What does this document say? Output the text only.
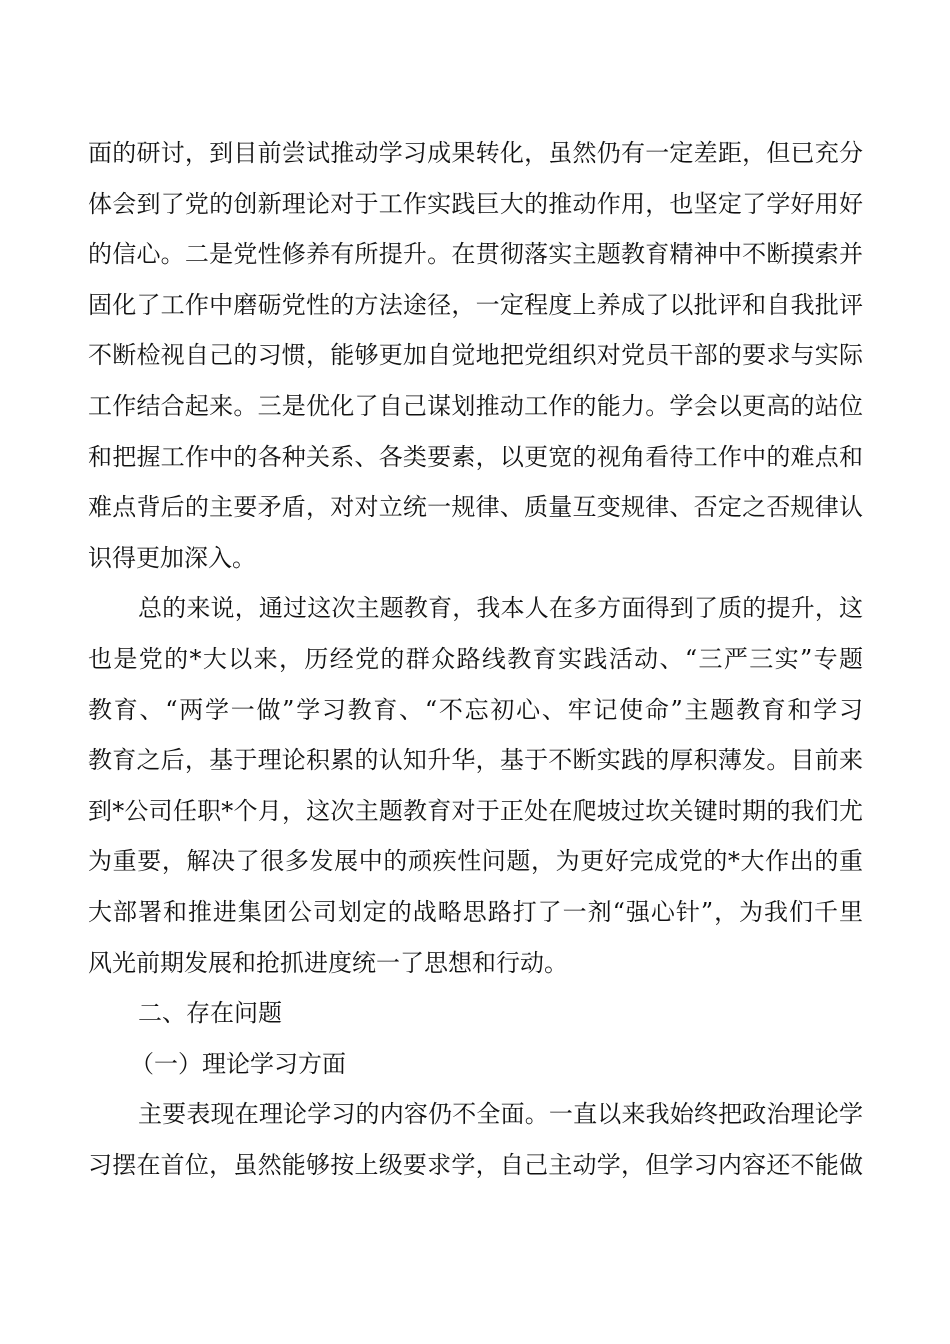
面的研讨，到目前尝试推动学习成果转化，虽然仍有一定差距，但已充分
体会到了党的创新理论对于工作实践巨大的推动作用，也坚定了学好用好
的信心。二是党性修养有所提升。在贯彻落实主题教育精神中不断摸索并
固化了工作中磨砺党性的方法途径，一定程度上养成了以批评和自我批评
不断检视自己的习惯，能够更加自觉地把党组织对党员干部的要求与实际
工作结合起来。三是优化了自己谋划推动工作的能力。学会以更高的站位
和把握工作中的各种关系、各类要素，以更宽的视角看待工作中的难点和
难点背后的主要矛盾，对对立统一规律、质量互变规律、否定之否规律认
识得更加深入。
总的来说，通过这次主题教育，我本人在多方面得到了质的提升，这
也是党的*大以来，历经党的群众路线教育实践活动、“三严三实”专题
教育、“两学一做”学习教育、“不忘初心、牢记使命”主题教育和学习
教育之后，基于理论积累的认知升华，基于不断实践的厚积薄发。目前来
到*公司任职*个月，这次主题教育对于正处在爬坡过坎关键时期的我们尤
为重要，解决了很多发展中的顽疾性问题，为更好完成党的*大作出的重
大部署和推进集团公司划定的战略思路打了一剂“强心针”，为我们千里
风光前期发展和抢抓进度统一了思想和行动。
二、存在问题
（一）理论学习方面
主要表现在理论学习的内容仍不全面。一直以来我始终把政治理论学
习摆在首位，虽然能够按上级要求学，自己主动学，但学习内容还不能做
